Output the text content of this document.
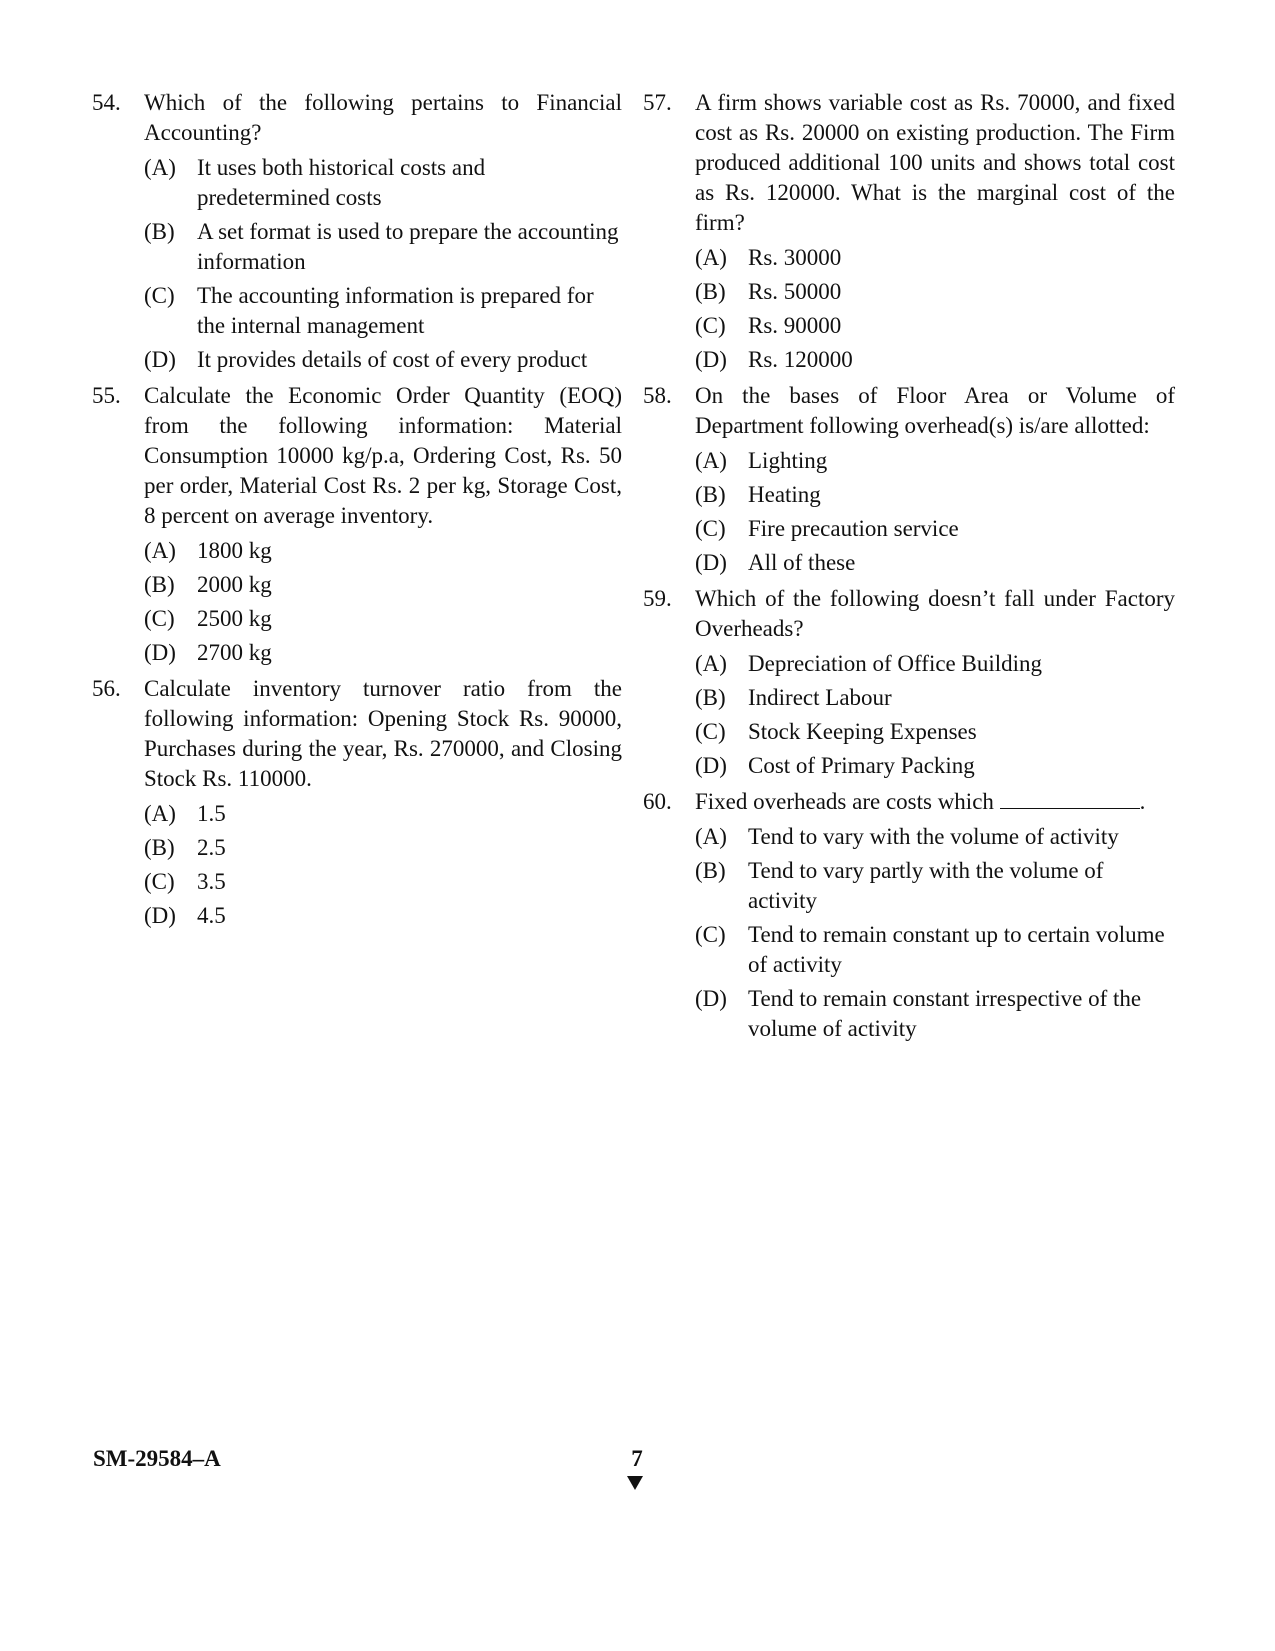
54.	Which of the following pertains to Financial Accounting?
(A) It uses both historical costs and predetermined costs
(B) A set format is used to prepare the accounting information
(C) The accounting information is prepared for the internal management
(D) It provides details of cost of every product
55.	Calculate the Economic Order Quantity (EOQ) from the following information: Material Consumption 10000 kg/p.a, Ordering Cost, Rs. 50 per order, Material Cost Rs. 2 per kg, Storage Cost, 8 percent on average inventory.
(A) 1800 kg
(B) 2000 kg
(C) 2500 kg
(D) 2700 kg
56.	Calculate inventory turnover ratio from the following information: Opening Stock Rs. 90000, Purchases during the year, Rs. 270000, and Closing Stock Rs. 110000.
(A) 1.5
(B) 2.5
(C) 3.5
(D) 4.5
57.	A firm shows variable cost as Rs. 70000, and fixed cost as Rs. 20000 on existing production. The Firm produced additional 100 units and shows total cost as Rs. 120000. What is the marginal cost of the firm?
(A) Rs. 30000
(B) Rs. 50000
(C) Rs. 90000
(D) Rs. 120000
58.	On the bases of Floor Area or Volume of Department following overhead(s) is/are allotted:
(A) Lighting
(B) Heating
(C) Fire precaution service
(D) All of these
59.	Which of the following doesn’t fall under Factory Overheads?
(A) Depreciation of Office Building
(B) Indirect Labour
(C) Stock Keeping Expenses
(D) Cost of Primary Packing
60.	Fixed overheads are costs which	.
(A) Tend to vary with the volume of activity
(B) Tend to vary partly with the volume of activity
(C) Tend to remain constant up to certain volume of activity
(D) Tend to remain constant irrespective of the volume of activity
SM-29584–A	7
